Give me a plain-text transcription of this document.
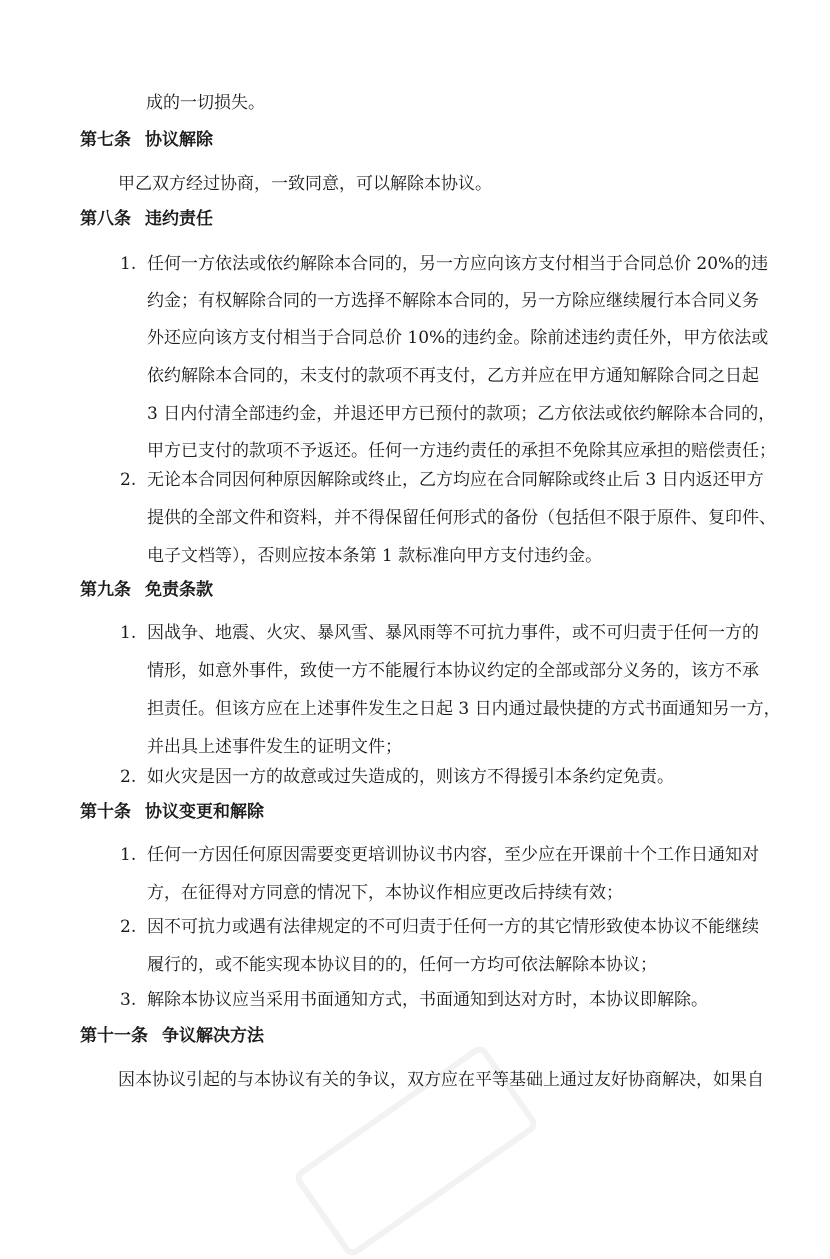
成的一切损失。
第七条 协议解除
甲乙双方经过协商，一致同意，可以解除本协议。
第八条 违约责任
1. 任何一方依法或依约解除本合同的，另一方应向该方支付相当于合同总价 20%的违
约金；有权解除合同的一方选择不解除本合同的，另一方除应继续履行本合同义务
外还应向该方支付相当于合同总价 10%的违约金。除前述违约责任外，甲方依法或
依约解除本合同的，未支付的款项不再支付，乙方并应在甲方通知解除合同之日起
3 日内付清全部违约金，并退还甲方已预付的款项；乙方依法或依约解除本合同的，
甲方已支付的款项不予返还。任何一方违约责任的承担不免除其应承担的赔偿责任；
2. 无论本合同因何种原因解除或终止，乙方均应在合同解除或终止后 3 日内返还甲方
提供的全部文件和资料，并不得保留任何形式的备份（包括但不限于原件、复印件、
电子文档等），否则应按本条第 1 款标准向甲方支付违约金。
第九条 免责条款
1. 因战争、地震、火灾、暴风雪、暴风雨等不可抗力事件，或不可归责于任何一方的
情形，如意外事件，致使一方不能履行本协议约定的全部或部分义务的，该方不承
担责任。但该方应在上述事件发生之日起 3 日内通过最快捷的方式书面通知另一方，
并出具上述事件发生的证明文件；
2. 如火灾是因一方的故意或过失造成的，则该方不得援引本条约定免责。
第十条 协议变更和解除
1. 任何一方因任何原因需要变更培训协议书内容，至少应在开课前十个工作日通知对
方，在征得对方同意的情况下，本协议作相应更改后持续有效；
2. 因不可抗力或遇有法律规定的不可归责于任何一方的其它情形致使本协议不能继续
履行的，或不能实现本协议目的的，任何一方均可依法解除本协议；
3. 解除本协议应当采用书面通知方式，书面通知到达对方时，本协议即解除。
第十一条 争议解决方法
因本协议引起的与本协议有关的争议，双方应在平等基础上通过友好协商解决，如果自
